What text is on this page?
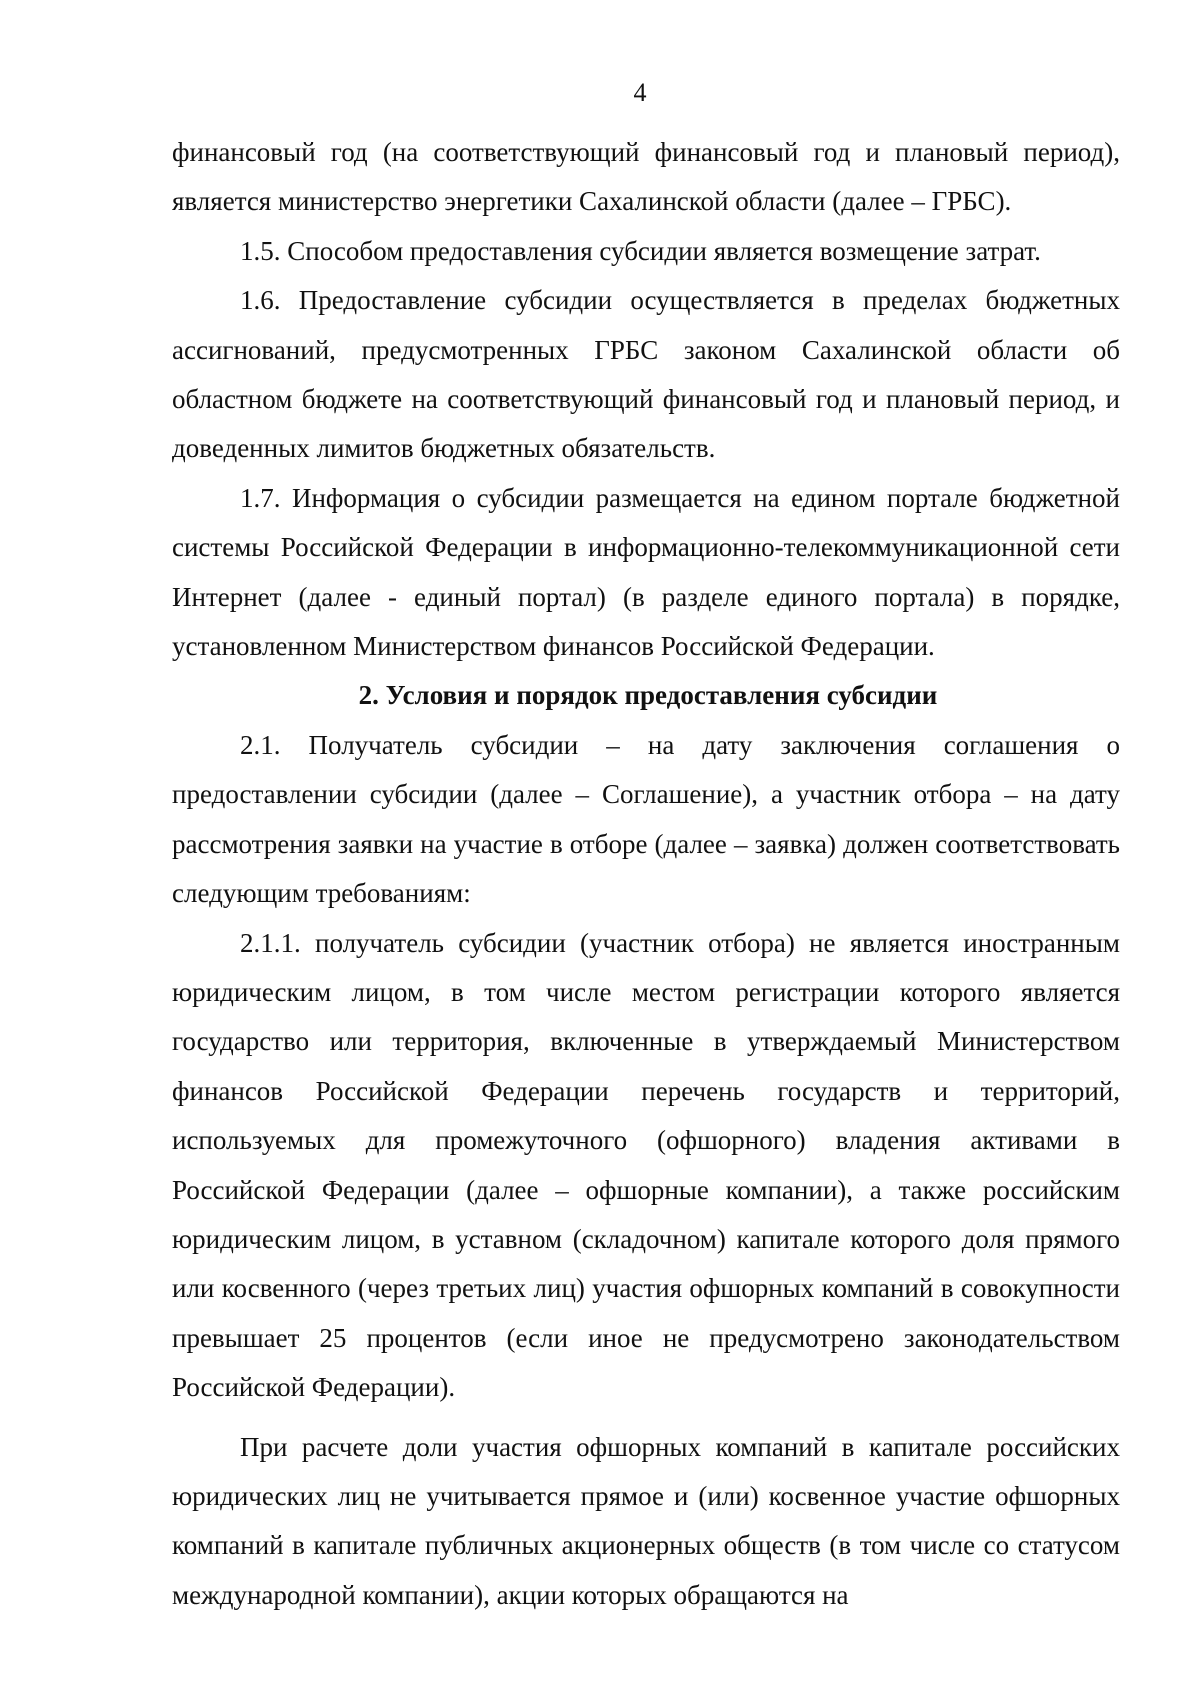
4

финансовый год (на соответствующий финансовый год и плановый период), является министерство энергетики Сахалинской области (далее – ГРБС).

1.5. Способом предоставления субсидии является возмещение затрат.

1.6. Предоставление субсидии осуществляется в пределах бюджетных ассигнований, предусмотренных ГРБС законом Сахалинской области об областном бюджете на соответствующий финансовый год и плановый период, и доведенных лимитов бюджетных обязательств.

1.7. Информация о субсидии размещается на едином портале бюджетной системы Российской Федерации в информационно-телекоммуникационной сети Интернет (далее - единый портал) (в разделе единого портала) в порядке, установленном Министерством финансов Российской Федерации.

2. Условия и порядок предоставления субсидии

2.1. Получатель субсидии – на дату заключения соглашения о предоставлении субсидии (далее – Соглашение), а участник отбора – на дату рассмотрения заявки на участие в отборе (далее – заявка) должен соответствовать следующим требованиям:

2.1.1. получатель субсидии (участник отбора) не является иностранным юридическим лицом, в том числе местом регистрации которого является государство или территория, включенные в утверждаемый Министерством финансов Российской Федерации перечень государств и территорий, используемых для промежуточного (офшорного) владения активами в Российской Федерации (далее – офшорные компании), а также российским юридическим лицом, в уставном (складочном) капитале которого доля прямого или косвенного (через третьих лиц) участия офшорных компаний в совокупности превышает 25 процентов (если иное не предусмотрено законодательством Российской Федерации).

При расчете доли участия офшорных компаний в капитале российских юридических лиц не учитывается прямое и (или) косвенное участие офшорных компаний в капитале публичных акционерных обществ (в том числе со статусом международной компании), акции которых обращаются на
